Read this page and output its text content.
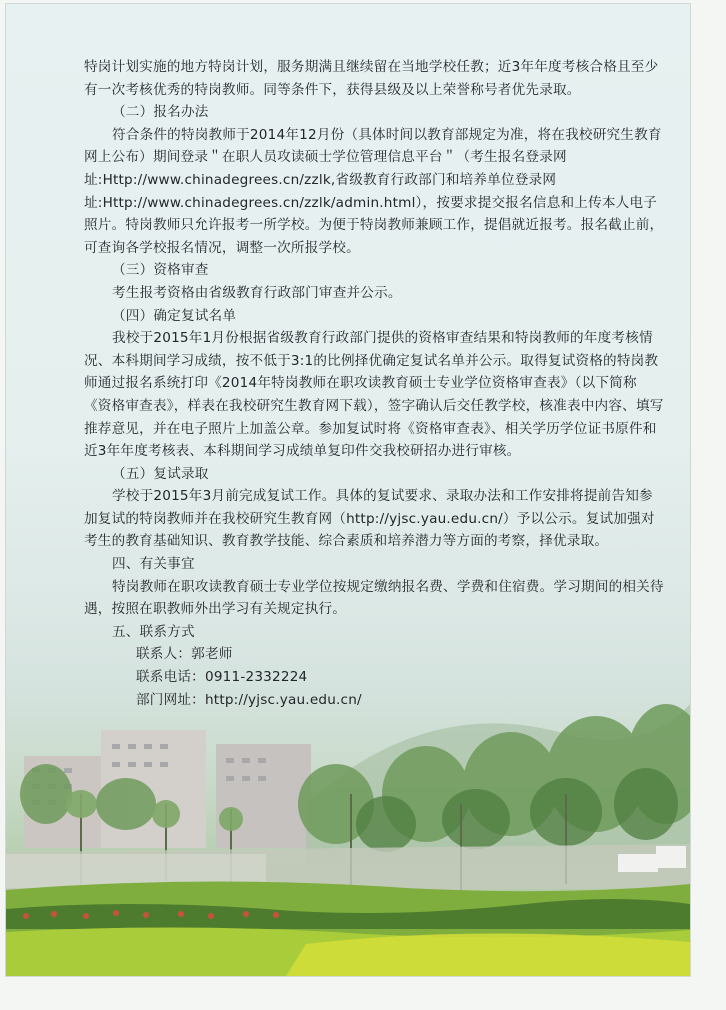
特岗计划实施的地方特岗计划，服务期满且继续留在当地学校任教；近3年年度考核合格且至少有一次考核优秀的特岗教师。同等条件下，获得县级及以上荣誉称号者优先录取。

（二）报名办法

符合条件的特岗教师于2014年12月份（具体时间以教育部规定为准，将在我校研究生教育网上公布）期间登录＂在职人员攻读硕士学位管理信息平台＂（考生报名登录网址:Http://www.chinadegrees.cn/zzlk,省级教育行政部门和培养单位登录网址:Http://www.chinadegrees.cn/zzlk/admin.html），按要求提交报名信息和上传本人电子照片。特岗教师只允许报考一所学校。为便于特岗教师兼顾工作，提倡就近报考。报名截止前，可查询各学校报名情况，调整一次所报学校。

（三）资格审查

考生报考资格由省级教育行政部门审查并公示。

（四）确定复试名单

我校于2015年1月份根据省级教育行政部门提供的资格审查结果和特岗教师的年度考核情况、本科期间学习成绩，按不低于3:1的比例择优确定复试名单并公示。取得复试资格的特岗教师通过报名系统打印《2014年特岗教师在职攻读教育硕士专业学位资格审查表》（以下简称《资格审查表》，样表在我校研究生教育网下载），签字确认后交任教学校，核准表中内容、填写推荐意见，并在电子照片上加盖公章。参加复试时将《资格审查表》、相关学历学位证书原件和近3年年度考核表、本科期间学习成绩单复印件交我校研招办进行审核。

（五）复试录取

学校于2015年3月前完成复试工作。具体的复试要求、录取办法和工作安排将提前告知参加复试的特岗教师并在我校研究生教育网（http://yjsc.yau.edu.cn/）予以公示。复试加强对考生的教育基础知识、教育教学技能、综合素质和培养潜力等方面的考察，择优录取。

四、有关事宜

特岗教师在职攻读教育硕士专业学位按规定缴纳报名费、学费和住宿费。学习期间的相关待遇，按照在职教师外出学习有关规定执行。

五、联系方式

联系人：郭老师

联系电话：0911-2332224

部门网址：http://yjsc.yau.edu.cn/
